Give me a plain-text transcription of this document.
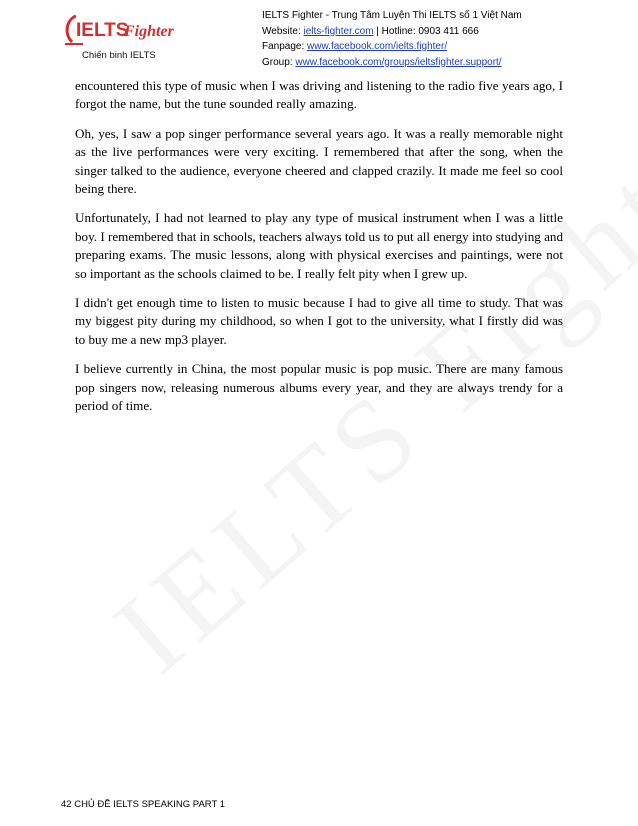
IELTS
Fighter
Chiến binh IELTS
IELTS Fighter - Trung Tâm Luyện Thi IELTS số 1 Việt Nam
Website: ielts-fighter.com | Hotline: 0903 411 666
Fanpage: www.facebook.com/ielts.fighter/
Group: www.facebook.com/groups/ieltsfighter.support/

encountered this type of music when I was driving and listening to the radio five years ago, I forgot the name, but the tune sounded really amazing.

Oh, yes, I saw a pop singer performance several years ago. It was a really memorable night as the live performances were very exciting. I remembered that after the song, when the singer talked to the audience, everyone cheered and clapped crazily. It made me feel so cool being there.

Unfortunately, I had not learned to play any type of musical instrument when I was a little boy. I remembered that in schools, teachers always told us to put all energy into studying and preparing exams. The music lessons, along with physical exercises and paintings, were not so important as the schools claimed to be. I really felt pity when I grew up.

I didn't get enough time to listen to music because I had to give all time to study. That was my biggest pity during my childhood, so when I got to the university, what I firstly did was to buy me a new mp3 player.

I believe currently in China, the most popular music is pop music. There are many famous pop singers now, releasing numerous albums every year, and they are always trendy for a period of time.

42 CHỦ ĐỀ IELTS SPEAKING PART 1
